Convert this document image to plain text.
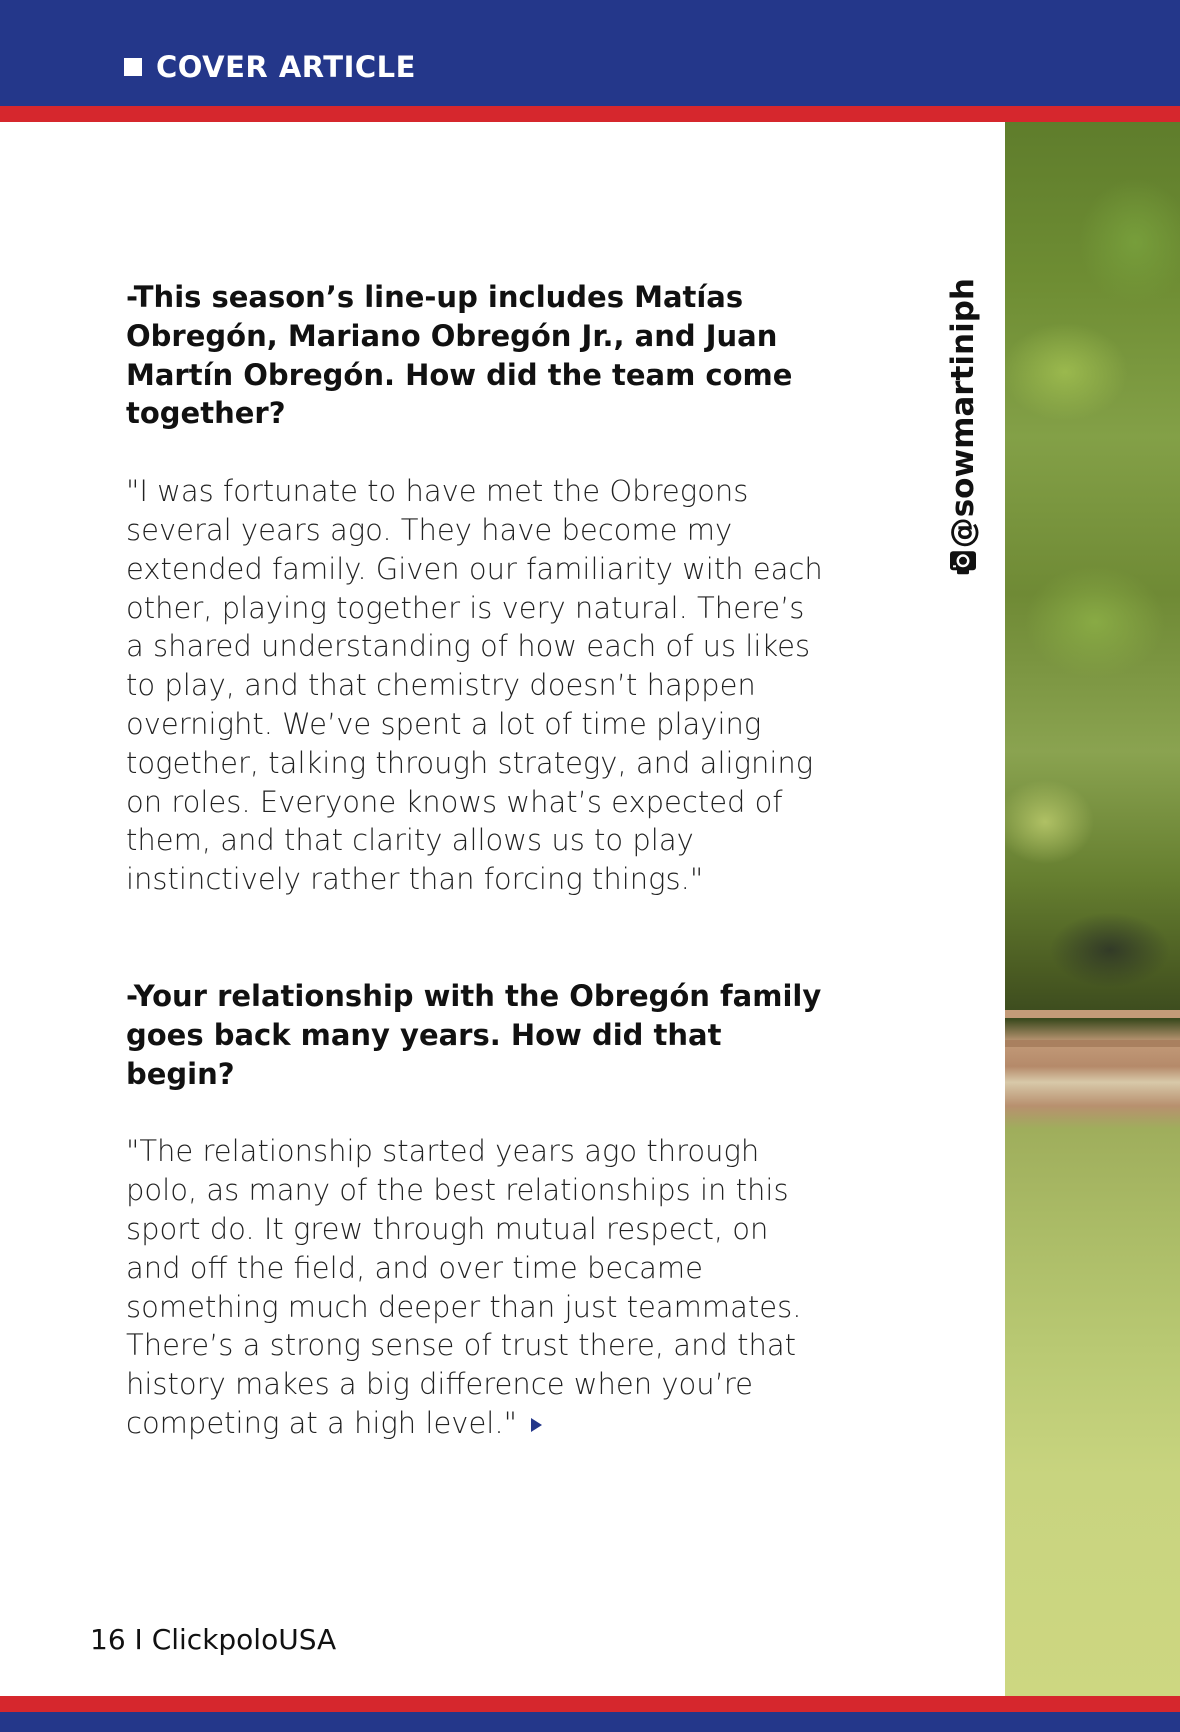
COVER ARTICLE
@sowmartiniph

-This season’s line-up includes Matías Obregón, Mariano Obregón Jr., and Juan Martín Obregón. How did the team come together?

"I was fortunate to have met the Obregons several years ago. They have become my extended family. Given our familiarity with each other, playing together is very natural. There’s a shared understanding of how each of us likes to play, and that chemistry doesn’t happen overnight. We’ve spent a lot of time playing together, talking through strategy, and aligning on roles. Everyone knows what’s expected of them, and that clarity allows us to play instinctively rather than forcing things."

-Your relationship with the Obregón family goes back many years. How did that begin?

"The relationship started years ago through polo, as many of the best relationships in this sport do. It grew through mutual respect, on and off the field, and over time became something much deeper than just teammates. There’s a strong sense of trust there, and that history makes a big difference when you’re competing at a high level."

16 I ClickpoloUSA
